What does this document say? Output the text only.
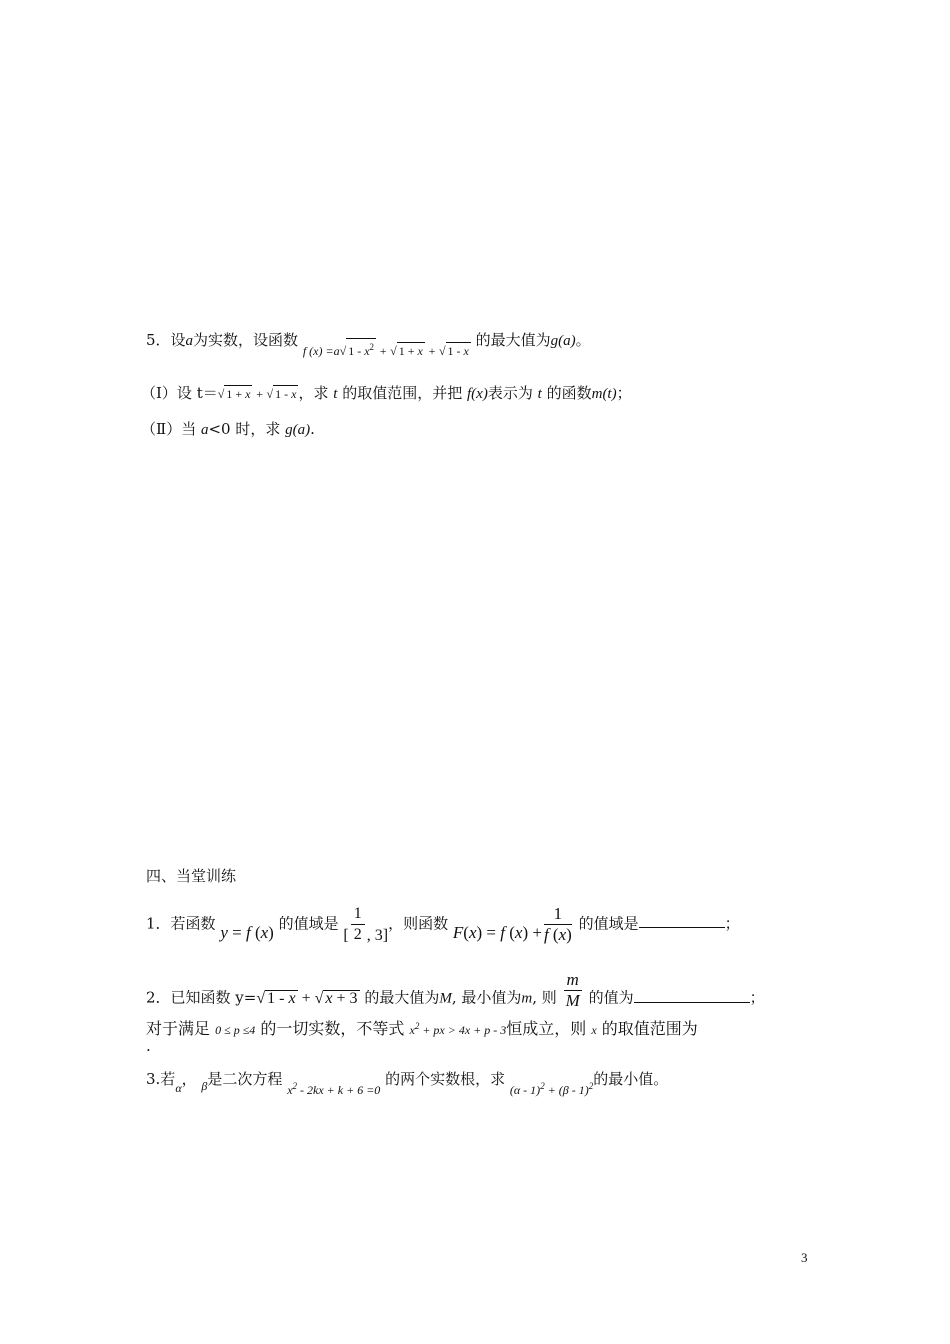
5．设a为实数，设函数 $_{f (x) =a√ 1 - x^2 + √ 1 + x + √ 1 - x}$ 的最大值为g(a)。
（Ⅰ）设 t＝√ 1 + x + √ 1 - x ，求 t 的取值范围，并把 f(x)表示为 t 的函数m(t)；
（Ⅱ）当 a<0 时，求 g(a).
四、当堂训练
1．若函数 y = f (x) 的值域是 [ $\frac{1}{2}$ , 3]，则函数 F(x) = f $(x) + \frac{1}{f (x)}$ 的值域是	；
2．已知函数 y=√ 1 - x + √ x + 3 的最大值为M, 最小值为m, 则 $\frac{m}{M}$ 的值为	；
对于满足 0 ≤ p ≤4 的一切实数，不等式 $x^2$ + px > 4x + p - 3恒成立，则 x 的取值范围为
.
3.若$_\alpha$， $_\beta$是二次方程 $_{x^2 - 2kx + k + 6 =0}$ 的两个实数根，求 $_{(\alpha - 1)^2 + (\beta - 1)^2}$的最小值。
3
